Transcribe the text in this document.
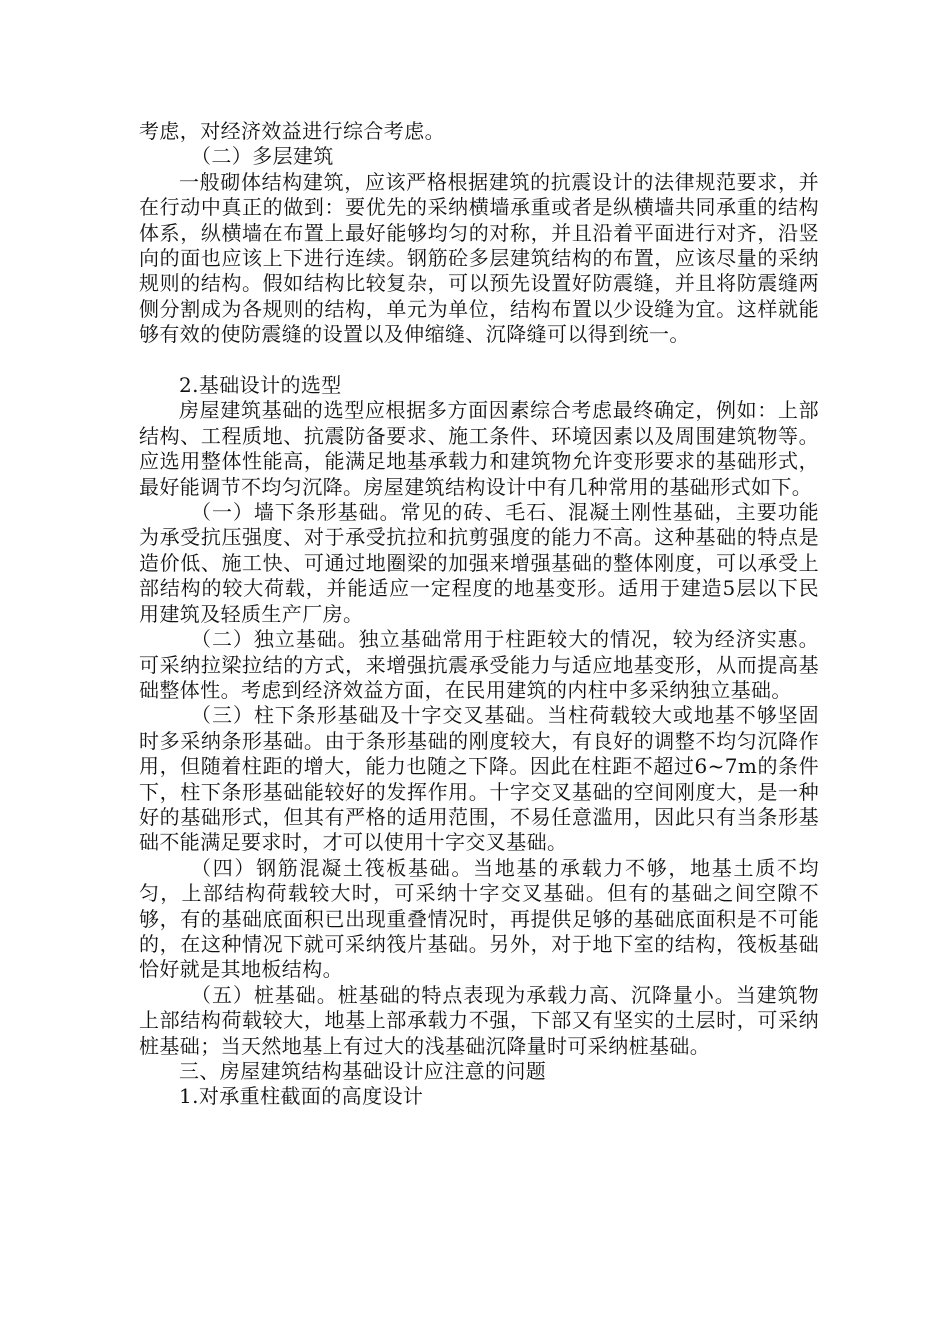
考虑，对经济效益进行综合考虑。

（二）多层建筑

一般砌体结构建筑，应该严格根据建筑的抗震设计的法律规范要求，并在行动中真正的做到：要优先的采纳横墙承重或者是纵横墙共同承重的结构体系，纵横墙在布置上最好能够均匀的对称，并且沿着平面进行对齐，沿竖向的面也应该上下进行连续。钢筋砼多层建筑结构的布置，应该尽量的采纳规则的结构。假如结构比较复杂，可以预先设置好防震缝，并且将防震缝两侧分割成为各规则的结构，单元为单位，结构布置以少设缝为宜。这样就能够有效的使防震缝的设置以及伸缩缝、沉降缝可以得到统一。

2.基础设计的选型

房屋建筑基础的选型应根据多方面因素综合考虑最终确定，例如：上部结构、工程质地、抗震防备要求、施工条件、环境因素以及周围建筑物等。应选用整体性能高，能满足地基承载力和建筑物允许变形要求的基础形式，最好能调节不均匀沉降。房屋建筑结构设计中有几种常用的基础形式如下。

（一）墙下条形基础。常见的砖、毛石、混凝土刚性基础，主要功能为承受抗压强度、对于承受抗拉和抗剪强度的能力不高。这种基础的特点是造价低、施工快、可通过地圈梁的加强来增强基础的整体刚度，可以承受上部结构的较大荷载，并能适应一定程度的地基变形。适用于建造5层以下民用建筑及轻质生产厂房。

（二）独立基础。独立基础常用于柱距较大的情况，较为经济实惠。可采纳拉梁拉结的方式，来增强抗震承受能力与适应地基变形，从而提高基础整体性。考虑到经济效益方面，在民用建筑的内柱中多采纳独立基础。

（三）柱下条形基础及十字交叉基础。当柱荷载较大或地基不够坚固时多采纳条形基础。由于条形基础的刚度较大，有良好的调整不均匀沉降作用，但随着柱距的增大，能力也随之下降。因此在柱距不超过6~7m的条件下，柱下条形基础能较好的发挥作用。十字交叉基础的空间刚度大，是一种好的基础形式，但其有严格的适用范围，不易任意滥用，因此只有当条形基础不能满足要求时，才可以使用十字交叉基础。

（四）钢筋混凝土筏板基础。当地基的承载力不够，地基土质不均匀，上部结构荷载较大时，可采纳十字交叉基础。但有的基础之间空隙不够，有的基础底面积已出现重叠情况时，再提供足够的基础底面积是不可能的，在这种情况下就可采纳筏片基础。另外，对于地下室的结构，筏板基础恰好就是其地板结构。

（五）桩基础。桩基础的特点表现为承载力高、沉降量小。当建筑物上部结构荷载较大，地基上部承载力不强，下部又有坚实的土层时，可采纳桩基础；当天然地基上有过大的浅基础沉降量时可采纳桩基础。

三、房屋建筑结构基础设计应注意的问题

1.对承重柱截面的高度设计
